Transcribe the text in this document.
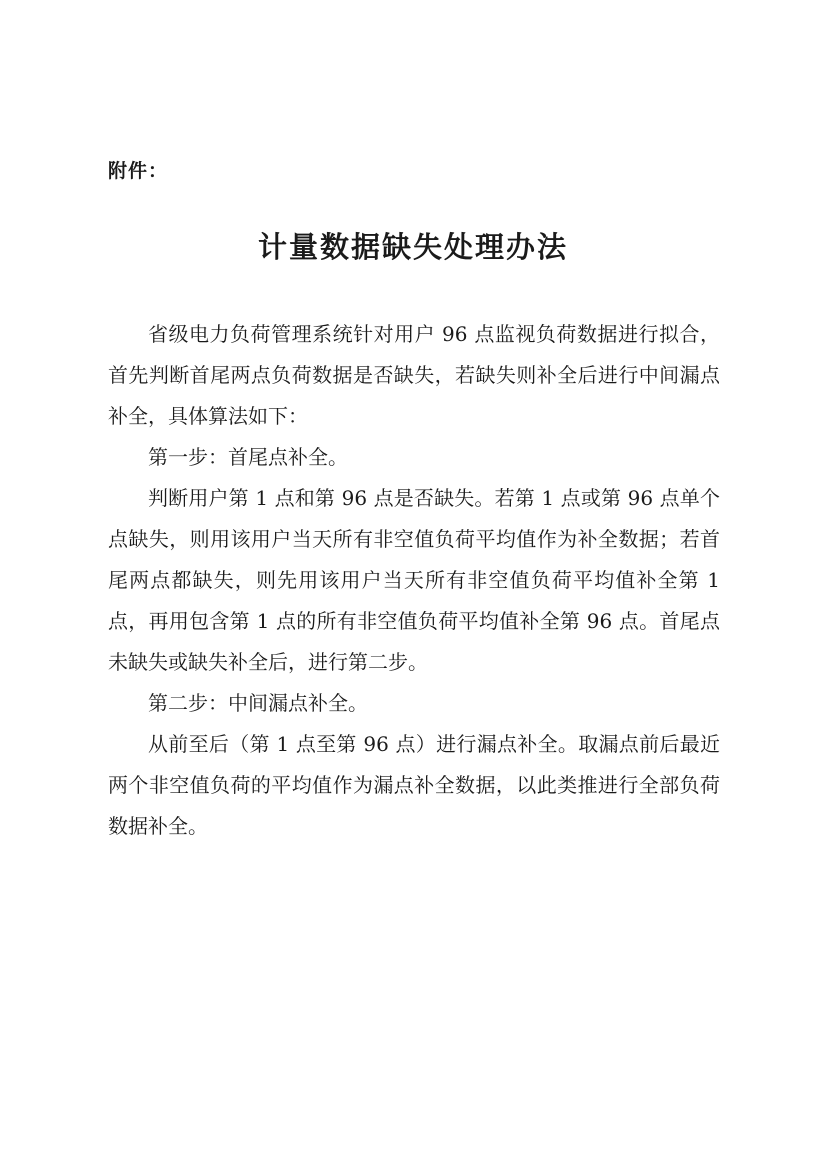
附件：
计量数据缺失处理办法

省级电力负荷管理系统针对用户 96 点监视负荷数据进行拟合，首先判断首尾两点负荷数据是否缺失，若缺失则补全后进行中间漏点补全，具体算法如下：

第一步：首尾点补全。

判断用户第 1 点和第 96 点是否缺失。若第 1 点或第 96 点单个点缺失，则用该用户当天所有非空值负荷平均值作为补全数据；若首尾两点都缺失，则先用该用户当天所有非空值负荷平均值补全第 1 点，再用包含第 1 点的所有非空值负荷平均值补全第 96 点。首尾点未缺失或缺失补全后，进行第二步。

第二步：中间漏点补全。

从前至后（第 1 点至第 96 点）进行漏点补全。取漏点前后最近两个非空值负荷的平均值作为漏点补全数据，以此类推进行全部负荷数据补全。
